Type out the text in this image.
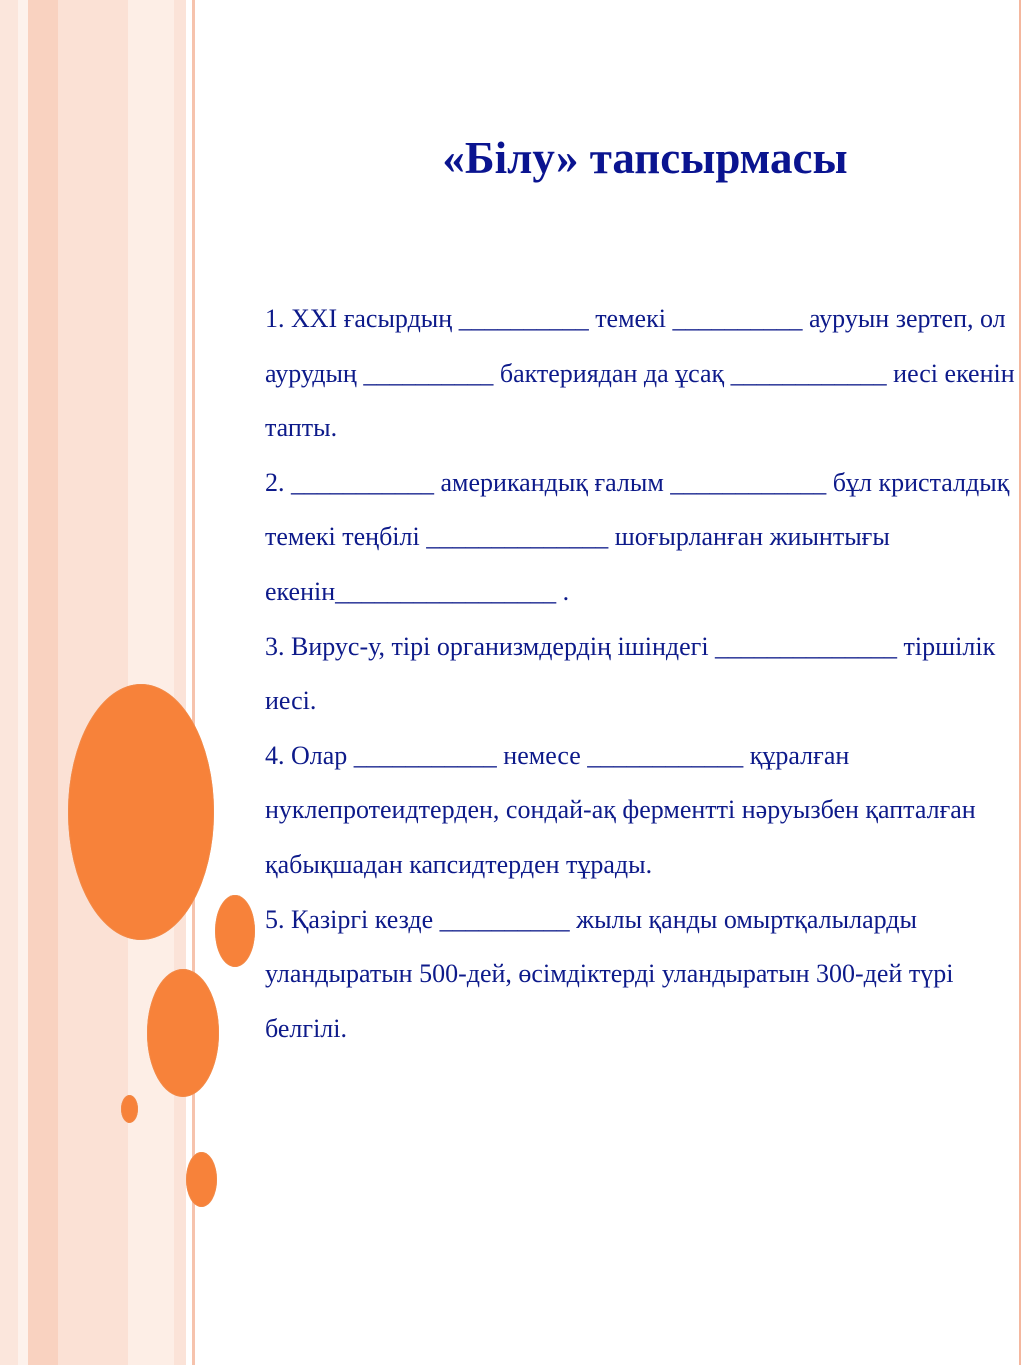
«Білу» тапсырмасы

1. XXI ғасырдың __________ темекі __________ ауруын зертеп, ол аурудың __________ бактериядан да ұсақ ____________ иесі екенін тапты.

2. ___________ американдық ғалым ____________ бұл кристалдық темекі теңбілі ______________ шоғырланған жиынтығы екенін_________________ .

3. Вирус-у, тірі организмдердің ішіндегі ______________ тіршілік иесі.

4. Олар ___________ немесе ____________ құралған нуклепротеидтерден, сондай-ақ ферментті нәруызбен қапталған қабықшадан капсидтерден тұрады.

5. Қазіргі кезде __________ жылы қанды омыртқалыларды уландыратын 500-дей, өсімдіктерді уландыратын 300-дей түрі белгілі.
